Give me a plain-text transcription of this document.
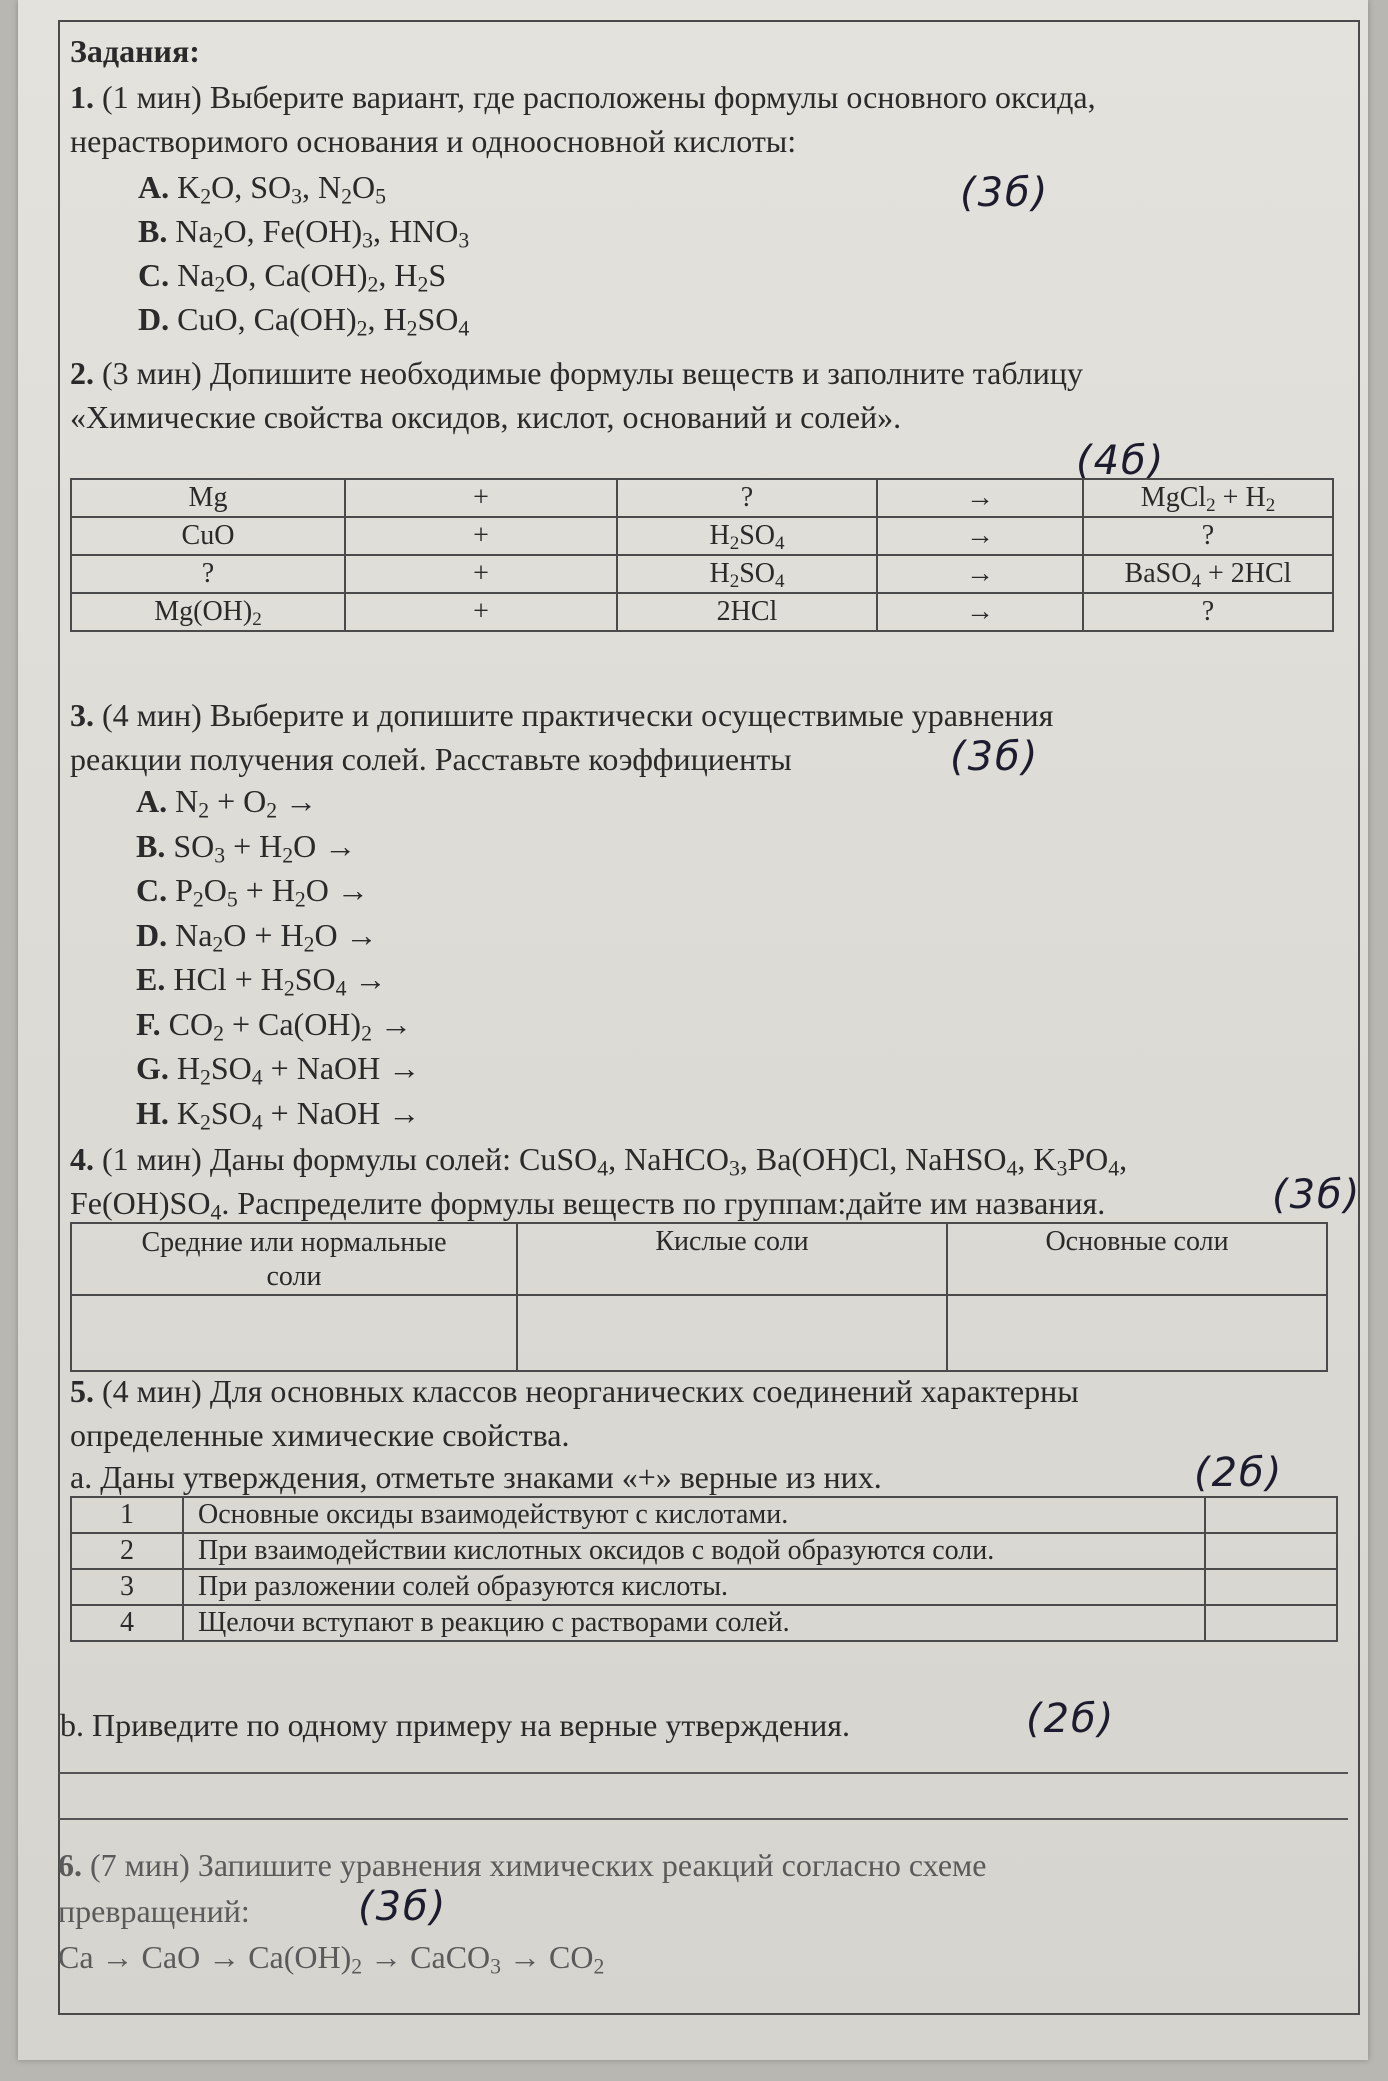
Задания:
1. (1 мин) Выберите вариант, где расположены формулы основного оксида,
нерастворимого основания и одноосновной кислоты:
(3б)
A. $K_2O$, $SO_3$, $N_2O_5$
B. $Na_2O$, $Fe(OH)_3$, $HNO_3$
C. $Na_2O$, $Ca(OH)_2$, $H_2S$
D. CuO, $Ca(OH)_2$, $H_2SO_4$
2. (3 мин) Допишите необходимые формулы веществ и заполните таблицу
«Химические свойства оксидов, кислот, оснований и солей».
(4б)
Mg	+	?	→	MgCl$_2$ + $H_2$
CuO	+	$H_2SO_4$	→	?
?	+	$H_2SO_4$	→	BaSO$_4$ + 2HCl
$Mg(OH)_2$	+	2HCl	→	?
3. (4 мин) Выберите и допишите практически осуществимые уравнения
реакции получения солей. Расставьте коэффициенты	(3б)
A. $N_2 + O_2$ →
B. $SO_3 + H_2O$ →
C. $P_2O_5 + H_2O$ →
D. $Na_2O + H_2O$ →
E. HCl + $H_2SO_4$ →
F. $CO_2 + Ca(OH)_2$ →
G. $H_2SO_4$ + NaOH →
H. $K_2SO_4$ + NaOH →
4. (1 мин) Даны формулы солей: CuSO$_4$, NaHCO$_3$, Ba(OH)Cl, NaHSO$_4$, $K_3PO_4$,
$Fe(OH)SO_4$. Распределите формулы веществ по группам:дайте им названия.	(3б)
Средние или нормальные
соли	Кислые соли	Основные соли

5. (4 мин) Для основных классов неорганических соединений характерны
определенные химические свойства.
a. Даны утверждения, отметьте знаками «+» верные из них.	(2б)
1	Основные оксиды взаимодействуют с кислотами.	
2	При взаимодействии кислотных оксидов с водой образуются соли.	
3	При разложении солей образуются кислоты.	
4	Щелочи вступают в реакцию с растворами солей.	
b. Приведите по одному примеру на верные утверждения.	(2б)
6. (7 мин) Запишите уравнения химических реакций согласно схеме
превращений:	(3б)
Ca → CaO → $Ca(OH)_2$ → CaCO$_3$ → $CO_2$
